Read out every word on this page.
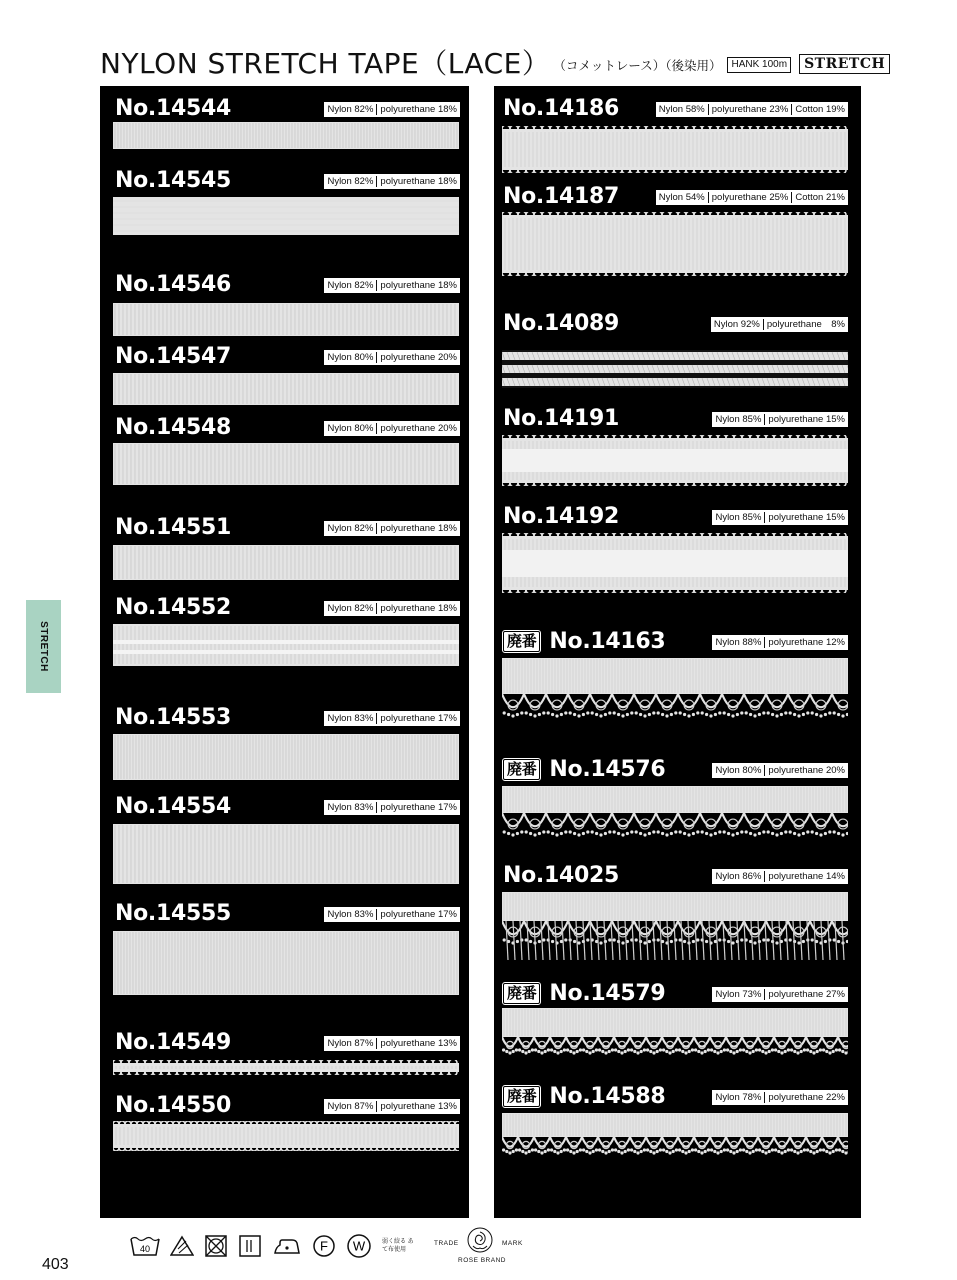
NYLON STRETCH TAPE（LACE） （コメットレース）（後染用）	HANK 100m	STRETCH
STRETCH
No.14544	Nylon 82% polyurethane 18%
No.14545	Nylon 82% polyurethane 18%
No.14546	Nylon 82% polyurethane 18%
No.14547	Nylon 80% polyurethane 20%
No.14548	Nylon 80% polyurethane 20%
No.14551	Nylon 82% polyurethane 18%
No.14552	Nylon 82% polyurethane 18%
No.14553	Nylon 83% polyurethane 17%
No.14554	Nylon 83% polyurethane 17%
No.14555	Nylon 83% polyurethane 17%
No.14549	Nylon 87% polyurethane 13%
No.14550	Nylon 87% polyurethane 13%
No.14186	Nylon 58% polyurethane 23% Cotton 19%
No.14187	Nylon 54% polyurethane 25% Cotton 21%
No.14089	Nylon 92% polyurethane　8%
No.14191	Nylon 85% polyurethane 15%
No.14192	Nylon 85% polyurethane 15%
廃番 No.14163	Nylon 88% polyurethane 12%
廃番 No.14576	Nylon 80% polyurethane 20%
No.14025	Nylon 86% polyurethane 14%
廃番 No.14579	Nylon 73% polyurethane 27%
廃番 No.14588	Nylon 78% polyurethane 22%
403
40	F W	弱く絞る あて布使用
TRADE	MARK
ROSE BRAND
